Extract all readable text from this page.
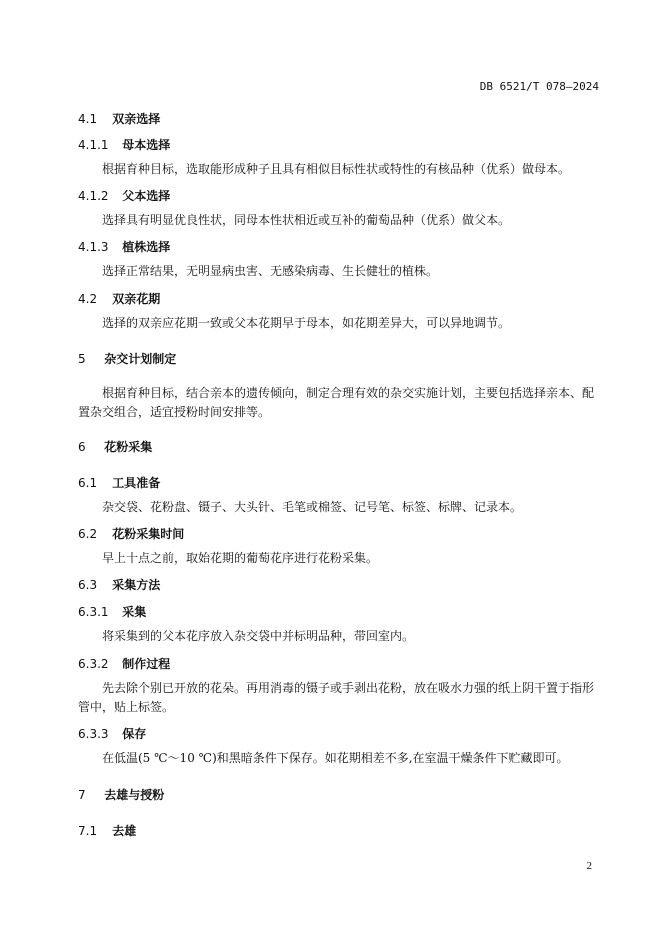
DB 6521/T 078—2024
4.1 双亲选择
4.1.1 母本选择
根据育种目标，选取能形成种子且具有相似目标性状或特性的有核品种（优系）做母本。
4.1.2 父本选择
选择具有明显优良性状，同母本性状相近或互补的葡萄品种（优系）做父本。
4.1.3 植株选择
选择正常结果，无明显病虫害、无感染病毒、生长健壮的植株。
4.2 双亲花期
选择的双亲应花期一致或父本花期早于母本，如花期差异大，可以异地调节。
5 杂交计划制定
根据育种目标，结合亲本的遗传倾向，制定合理有效的杂交实施计划，主要包括选择亲本、配置杂交组合，适宜授粉时间安排等。
6 花粉采集
6.1 工具准备
杂交袋、花粉盘、镊子、大头针、毛笔或棉签、记号笔、标签、标牌、记录本。
6.2 花粉采集时间
早上十点之前，取始花期的葡萄花序进行花粉采集。
6.3 采集方法
6.3.1 采集
将采集到的父本花序放入杂交袋中并标明品种，带回室内。
6.3.2 制作过程
先去除个别已开放的花朵。再用消毒的镊子或手剥出花粉，放在吸水力强的纸上阴干置于指形管中，贴上标签。
6.3.3 保存
在低温(5 ℃～10 ℃)和黑暗条件下保存。如花期相差不多,在室温干燥条件下贮藏即可。
7 去雄与授粉
7.1 去雄
2
